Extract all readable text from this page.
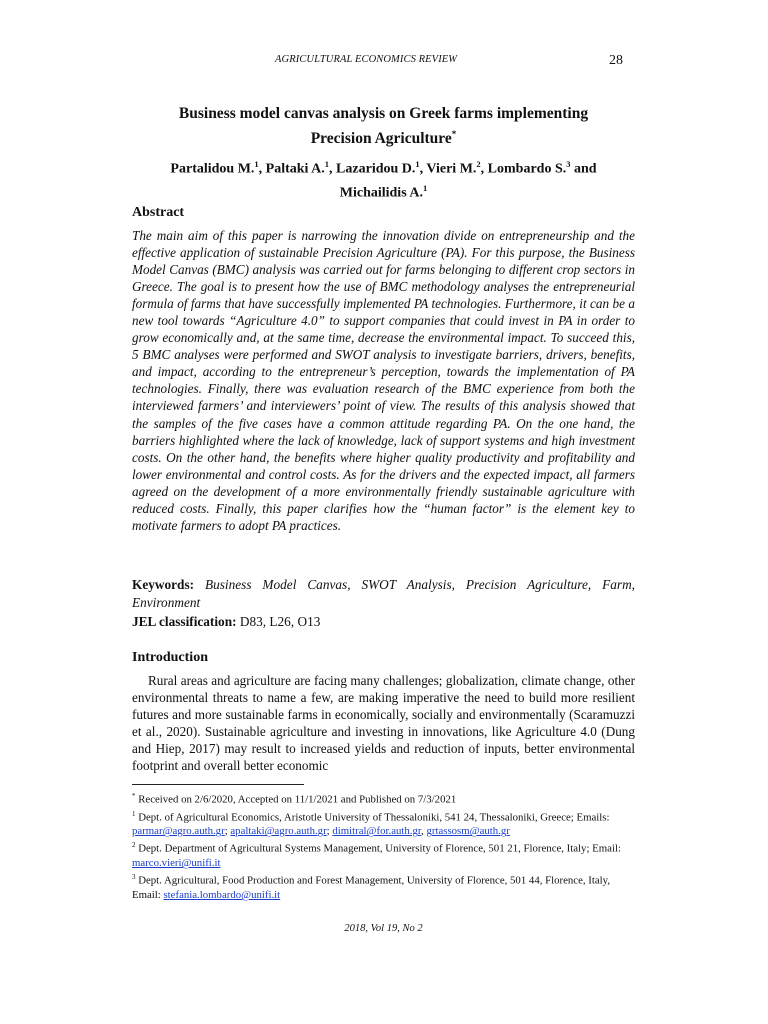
AGRICULTURAL ECONOMICS REVIEW	28
Business model canvas analysis on Greek farms implementing
Precision Agriculture*
Partalidou M.$^1$, Paltaki A.$^1$, Lazaridou D.$^1$, Vieri M.$^2$, Lombardo S.$^3$ and
Michailidis A.$^1$
Abstract
The main aim of this paper is narrowing the innovation divide on entrepreneurship and the effective application of sustainable Precision Agriculture (PA). For this purpose, the Business Model Canvas (BMC) analysis was carried out for farms belonging to different crop sectors in Greece. The goal is to present how the use of BMC methodology analyses the entrepreneurial formula of farms that have successfully implemented PA technologies. Furthermore, it can be a new tool towards “Agriculture 4.0” to support companies that could invest in PA in order to grow economically and, at the same time, decrease the environmental impact. To succeed this, 5 BMC analyses were performed and SWOT analysis to investigate barriers, drivers, benefits, and impact, according to the entrepreneur’s perception, towards the implementation of PA technologies. Finally, there was evaluation research of the BMC experience from both the interviewed farmers’ and interviewers’ point of view. The results of this analysis showed that the samples of the five cases have a common attitude regarding PA. On the one hand, the barriers highlighted where the lack of knowledge, lack of support systems and high investment costs. On the other hand, the benefits where higher quality productivity and profitability and lower environmental and control costs. As for the drivers and the expected impact, all farmers agreed on the development of a more environmentally friendly sustainable agriculture with reduced costs. Finally, this paper clarifies how the “human factor” is the element key to motivate farmers to adopt PA practices.
Keywords: Business Model Canvas, SWOT Analysis, Precision Agriculture, Farm, Environment
JEL classification: D83, L26, O13
Introduction
Rural areas and agriculture are facing many challenges; globalization, climate change, other environmental threats to name a few, are making imperative the need to build more resilient futures and more sustainable farms in economically, socially and environmentally (Scaramuzzi et al., 2020). Sustainable agriculture and investing in innovations, like Agriculture 4.0 (Dung and Hiep, 2017) may result to increased yields and reduction of inputs, better environmental footprint and overall better economic

* Received on 2/6/2020, Accepted on 11/1/2021 and Published on 7/3/2021

$^1$ Dept. of Agricultural Economics, Aristotle University of Thessaloniki, 541 24, Thessaloniki, Greece; Emails: parmar@agro.auth.gr; apaltaki@agro.auth.gr; dimitral@for.auth.gr, grtassosm@auth.gr

$^2$ Dept. Department of Agricultural Systems Management, University of Florence, 501 21, Florence, Italy; Email: marco.vieri@unifi.it

$^3$ Dept. Agricultural, Food Production and Forest Management, University of Florence, 501 44, Florence, Italy, Email: stefania.lombardo@unifi.it

2018, Vol 19, No 2
